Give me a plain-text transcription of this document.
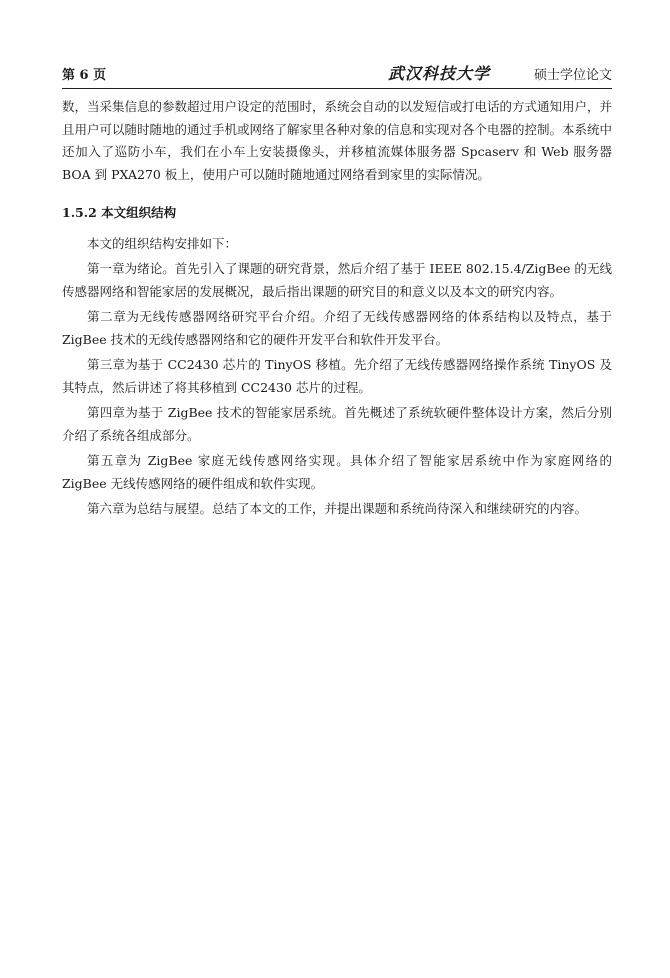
第 6 页	武汉科技大学	硕士学位论文

数，当采集信息的参数超过用户设定的范围时，系统会自动的以发短信或打电话的方式通知用户，并且用户可以随时随地的通过手机或网络了解家里各种对象的信息和实现对各个电器的控制。本系统中还加入了巡防小车，我们在小车上安装摄像头，并移植流媒体服务器 Spcaserv 和 Web 服务器 BOA 到 PXA270 板上，使用户可以随时随地通过网络看到家里的实际情况。

1.5.2 本文组织结构

本文的组织结构安排如下：

第一章为绪论。首先引入了课题的研究背景，然后介绍了基于 IEEE 802.15.4/ZigBee 的无线传感器网络和智能家居的发展概况，最后指出课题的研究目的和意义以及本文的研究内容。

第二章为无线传感器网络研究平台介绍。介绍了无线传感器网络的体系结构以及特点，基于 ZigBee 技术的无线传感器网络和它的硬件开发平台和软件开发平台。

第三章为基于 CC2430 芯片的 TinyOS 移植。先介绍了无线传感器网络操作系统 TinyOS 及其特点，然后讲述了将其移植到 CC2430 芯片的过程。

第四章为基于 ZigBee 技术的智能家居系统。首先概述了系统软硬件整体设计方案，然后分别介绍了系统各组成部分。

第五章为 ZigBee 家庭无线传感网络实现。具体介绍了智能家居系统中作为家庭网络的 ZigBee 无线传感网络的硬件组成和软件实现。

第六章为总结与展望。总结了本文的工作，并提出课题和系统尚待深入和继续研究的内容。
